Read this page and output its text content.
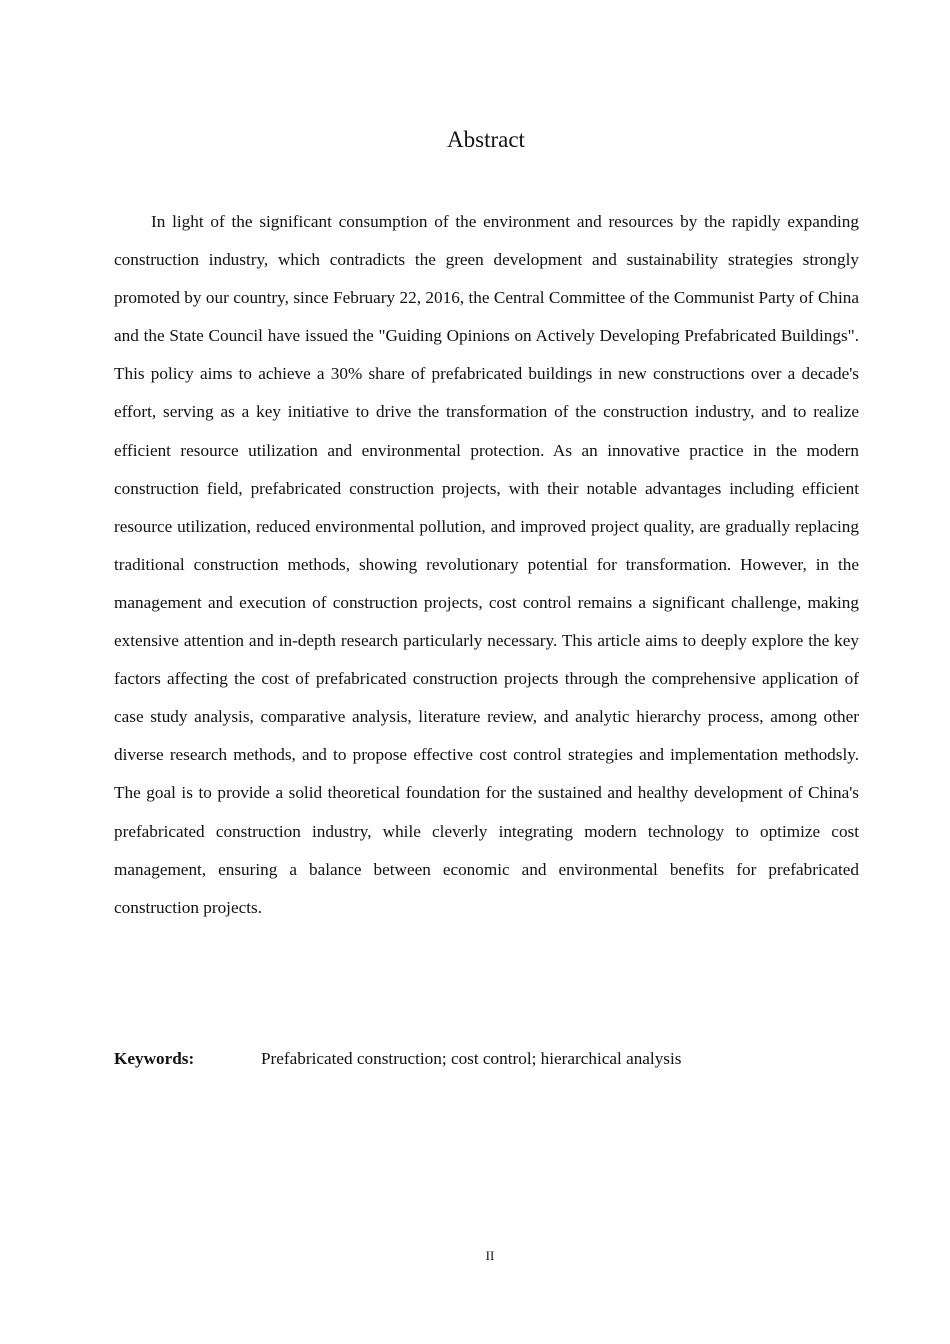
Abstract

In light of the significant consumption of the environment and resources by the rapidly expanding construction industry, which contradicts the green development and sustainability strategies strongly promoted by our country, since February 22, 2016, the Central Committee of the Communist Party of China and the State Council have issued the "Guiding Opinions on Actively Developing Prefabricated Buildings". This policy aims to achieve a 30% share of prefabricated buildings in new constructions over a decade's effort, serving as a key initiative to drive the transformation of the construction industry, and to realize efficient resource utilization and environmental protection. As an innovative practice in the modern construction field, prefabricated construction projects, with their notable advantages including efficient resource utilization, reduced environmental pollution, and improved project quality, are gradually replacing traditional construction methods, showing revolutionary potential for transformation. However, in the management and execution of construction projects, cost control remains a significant challenge, making extensive attention and in-depth research particularly necessary. This article aims to deeply explore the key factors affecting the cost of prefabricated construction projects through the comprehensive application of case study analysis, comparative analysis, literature review, and analytic hierarchy process, among other diverse research methods, and to propose effective cost control strategies and implementation methodsly. The goal is to provide a solid theoretical foundation for the sustained and healthy development of China's prefabricated construction industry, while cleverly integrating modern technology to optimize cost management, ensuring a balance between economic and environmental benefits for prefabricated construction projects.

Keywords:	Prefabricated construction; cost control; hierarchical analysis
II
